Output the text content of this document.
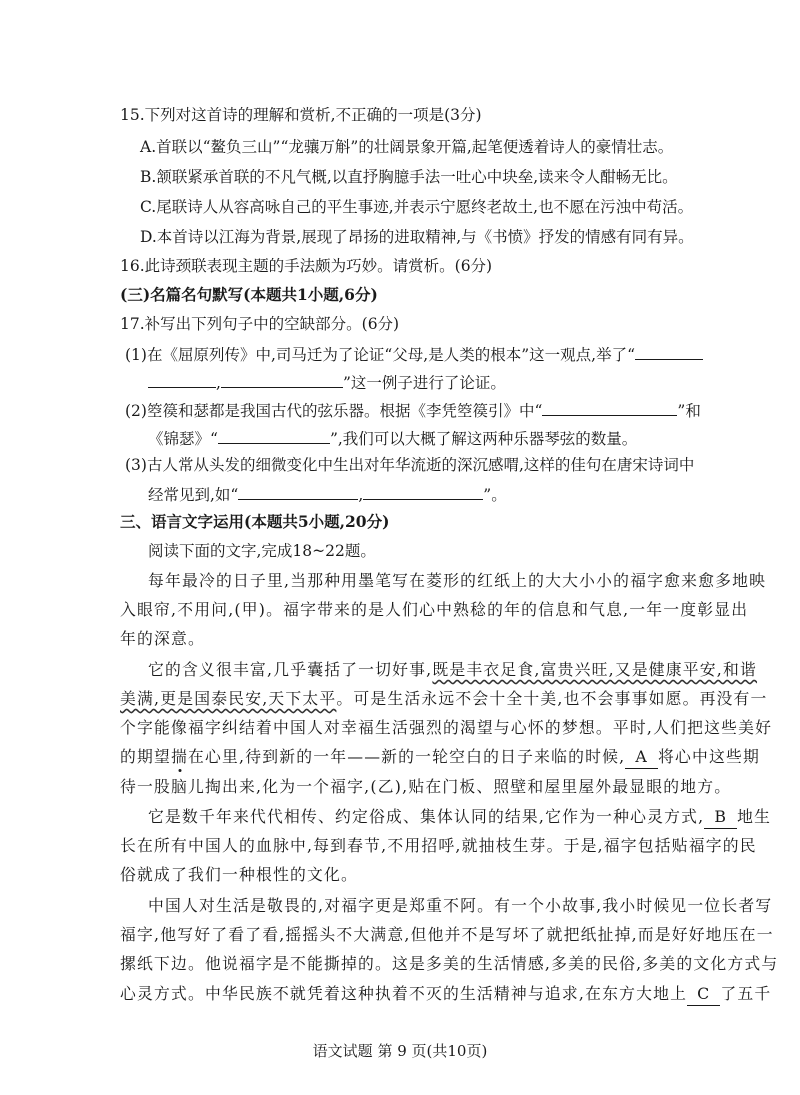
15.下列对这首诗的理解和赏析,不正确的一项是(3分)
A.首联以“鳌负三山”“龙骧万斛”的壮阔景象开篇,起笔便透着诗人的豪情壮志。
B.颔联紧承首联的不凡气概,以直抒胸臆手法一吐心中块垒,读来令人酣畅无比。
C.尾联诗人从容高咏自己的平生事迹,并表示宁愿终老故土,也不愿在污浊中苟活。
D.本首诗以江海为背景,展现了昂扬的进取精神,与《书愤》抒发的情感有同有异。
16.此诗颈联表现主题的手法颇为巧妙。请赏析。(6分)
(三)名篇名句默写(本题共1小题,6分)
17.补写出下列句子中的空缺部分。(6分)
(1)在《屈原列传》中,司马迁为了论证“父母,是人类的根本”这一观点,举了“
,	”这一例子进行了论证。
(2)箜篌和瑟都是我国古代的弦乐器。根据《李凭箜篌引》中“	”和
《锦瑟》“	”,我们可以大概了解这两种乐器琴弦的数量。
(3)古人常从头发的细微变化中生出对年华流逝的深沉感喟,这样的佳句在唐宋诗词中
经常见到,如“	,	”。
三、语言文字运用(本题共5小题,20分)
阅读下面的文字,完成18~22题。
每年最冷的日子里,当那种用墨笔写在菱形的红纸上的大大小小的福字愈来愈多地映
入眼帘,不用问,(甲)。福字带来的是人们心中熟稔的年的信息和气息,一年一度彰显出
年的深意。
它的含义很丰富,几乎囊括了一切好事,既是丰衣足食,富贵兴旺,又是健康平安,和谐
美满,更是国泰民安,天下太平。可是生活永远不会十全十美,也不会事事如愿。再没有一
个字能像福字纠结着中国人对幸福生活强烈的渴望与心怀的梦想。平时,人们把这些美好
的期望揣在心里,待到新的一年——新的一轮空白的日子来临的时候, A 将心中这些期
待一股脑儿掏出来,化为一个福字,(乙),贴在门板、照壁和屋里屋外最显眼的地方。
它是数千年来代代相传、约定俗成、集体认同的结果,它作为一种心灵方式, B 地生
长在所有中国人的血脉中,每到春节,不用招呼,就抽枝生芽。于是,福字包括贴福字的民
俗就成了我们一种根性的文化。
中国人对生活是敬畏的,对福字更是郑重不阿。有一个小故事,我小时候见一位长者写
福字,他写好了看了看,摇摇头不大满意,但他并不是写坏了就把纸扯掉,而是好好地压在一
摞纸下边。他说福字是不能撕掉的。这是多美的生活情感,多美的民俗,多美的文化方式与
心灵方式。中华民族不就凭着这种执着不灭的生活精神与追求,在东方大地上 C 了五千
语文试题 第 9 页(共10页)
